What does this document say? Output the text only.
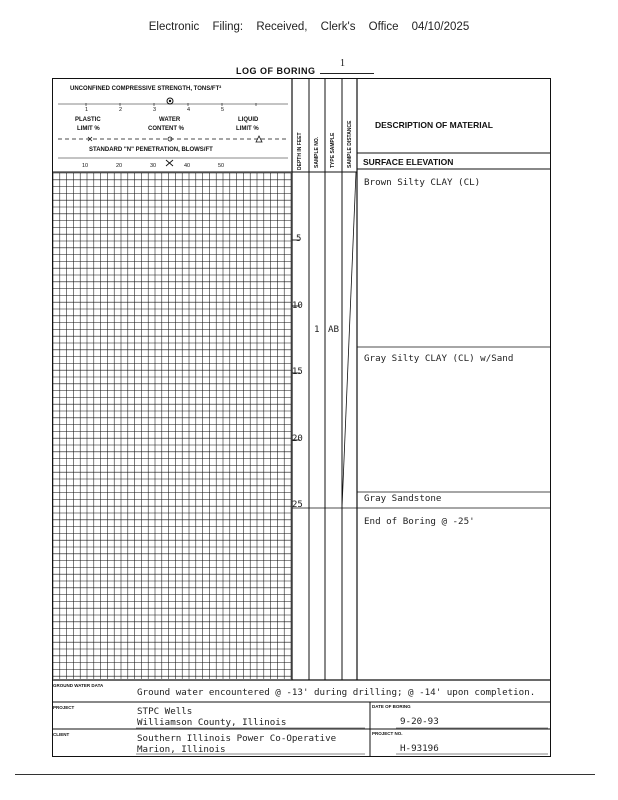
Electronic Filing: Received, Clerk's Office 04/10/2025
LOG OF BORING
1
UNCONFINED COMPRESSIVE STRENGTH, TONS/FT²
1	2	3	4	5
PLASTIC
LIMIT %
WATER
CONTENT %
LIQUID
LIMIT %
STANDARD "N" PENETRATION, BLOWS/FT
10	20	30	40	50	DEPTH IN FEET SAMPLE NO. TYPE SAMPLE SAMPLE DISTANCE	DESCRIPTION OF MATERIAL
SURFACE ELEVATION
5
10
15
20
25
1 AB
Brown Silty CLAY (CL)
Gray Silty CLAY (CL) w/Sand
Gray Sandstone
End of Boring @ -25'
GROUND WATER DATA
Ground water encountered @ -13' during drilling; @ -14' upon completion.
PROJECT	STPC Wells
Williamson County, Illinois
DATE OF BORING
9-20-93
CLIENT	Southern Illinois Power Co-Operative
Marion, Illinois
PROJECT NO.
H-93196
